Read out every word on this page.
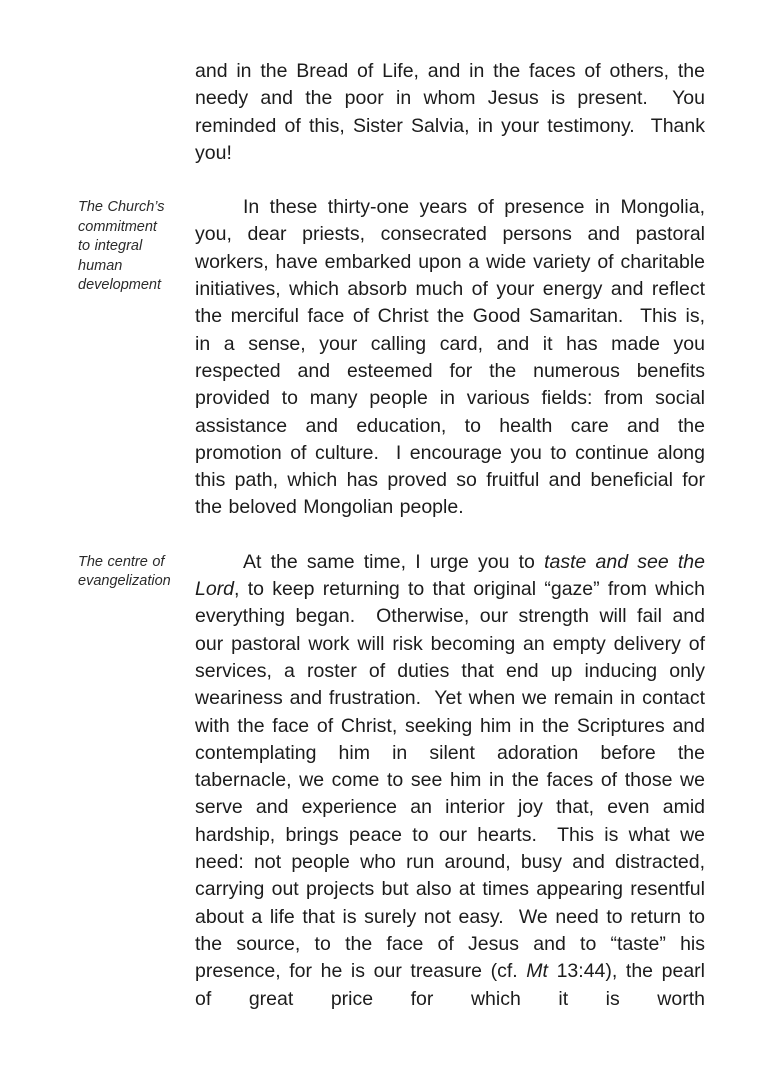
and in the Bread of Life, and in the faces of others, the needy and the poor in whom Jesus is present.  You reminded of this, Sister Salvia, in your testimony.  Thank you!

The Church’s commitment to integral human development

In these thirty-one years of presence in Mongolia, you, dear priests, consecrated persons and pastoral workers, have embarked upon a wide variety of charitable initiatives, which absorb much of your energy and reflect the merciful face of Christ the Good Samaritan.  This is, in a sense, your calling card, and it has made you respected and esteemed for the numerous benefits provided to many people in various fields: from social assistance and education, to health care and the promotion of culture.  I encourage you to continue along this path, which has proved so fruitful and beneficial for the beloved Mongolian people.

The centre of evangelization

At the same time, I urge you to taste and see the Lord, to keep returning to that original “gaze” from which everything began.  Otherwise, our strength will fail and our pastoral work will risk becoming an empty delivery of services, a roster of duties that end up inducing only weariness and frustration.  Yet when we remain in contact with the face of Christ, seeking him in the Scriptures and contemplating him in silent adoration before the tabernacle, we come to see him in the faces of those we serve and experience an interior joy that, even amid hardship, brings peace to our hearts.  This is what we need: not people who run around, busy and distracted, carrying out projects but also at times appearing resentful about a life that is surely not easy.  We need to return to the source, to the face of Jesus and to “taste” his presence, for he is our treasure (cf. Mt 13:44), the pearl of great price for which it is worth
